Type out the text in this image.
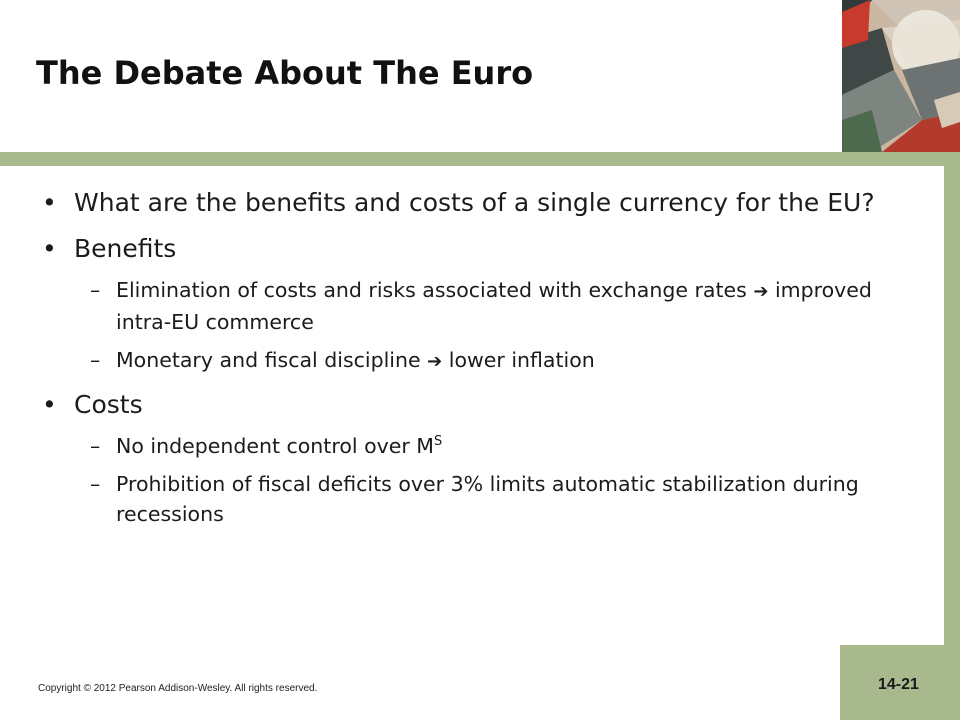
The Debate About The Euro

• What are the benefits and costs of a single currency for the EU?

• Benefits

– Elimination of costs and risks associated with exchange rates ➔ improved intra-EU commerce

– Monetary and fiscal discipline ➔ lower inflation

• Costs

– No independent control over $M^S$

– Prohibition of fiscal deficits over 3% limits automatic stabilization during recessions

Copyright © 2012 Pearson Addison-Wesley. All rights reserved.	14-21
